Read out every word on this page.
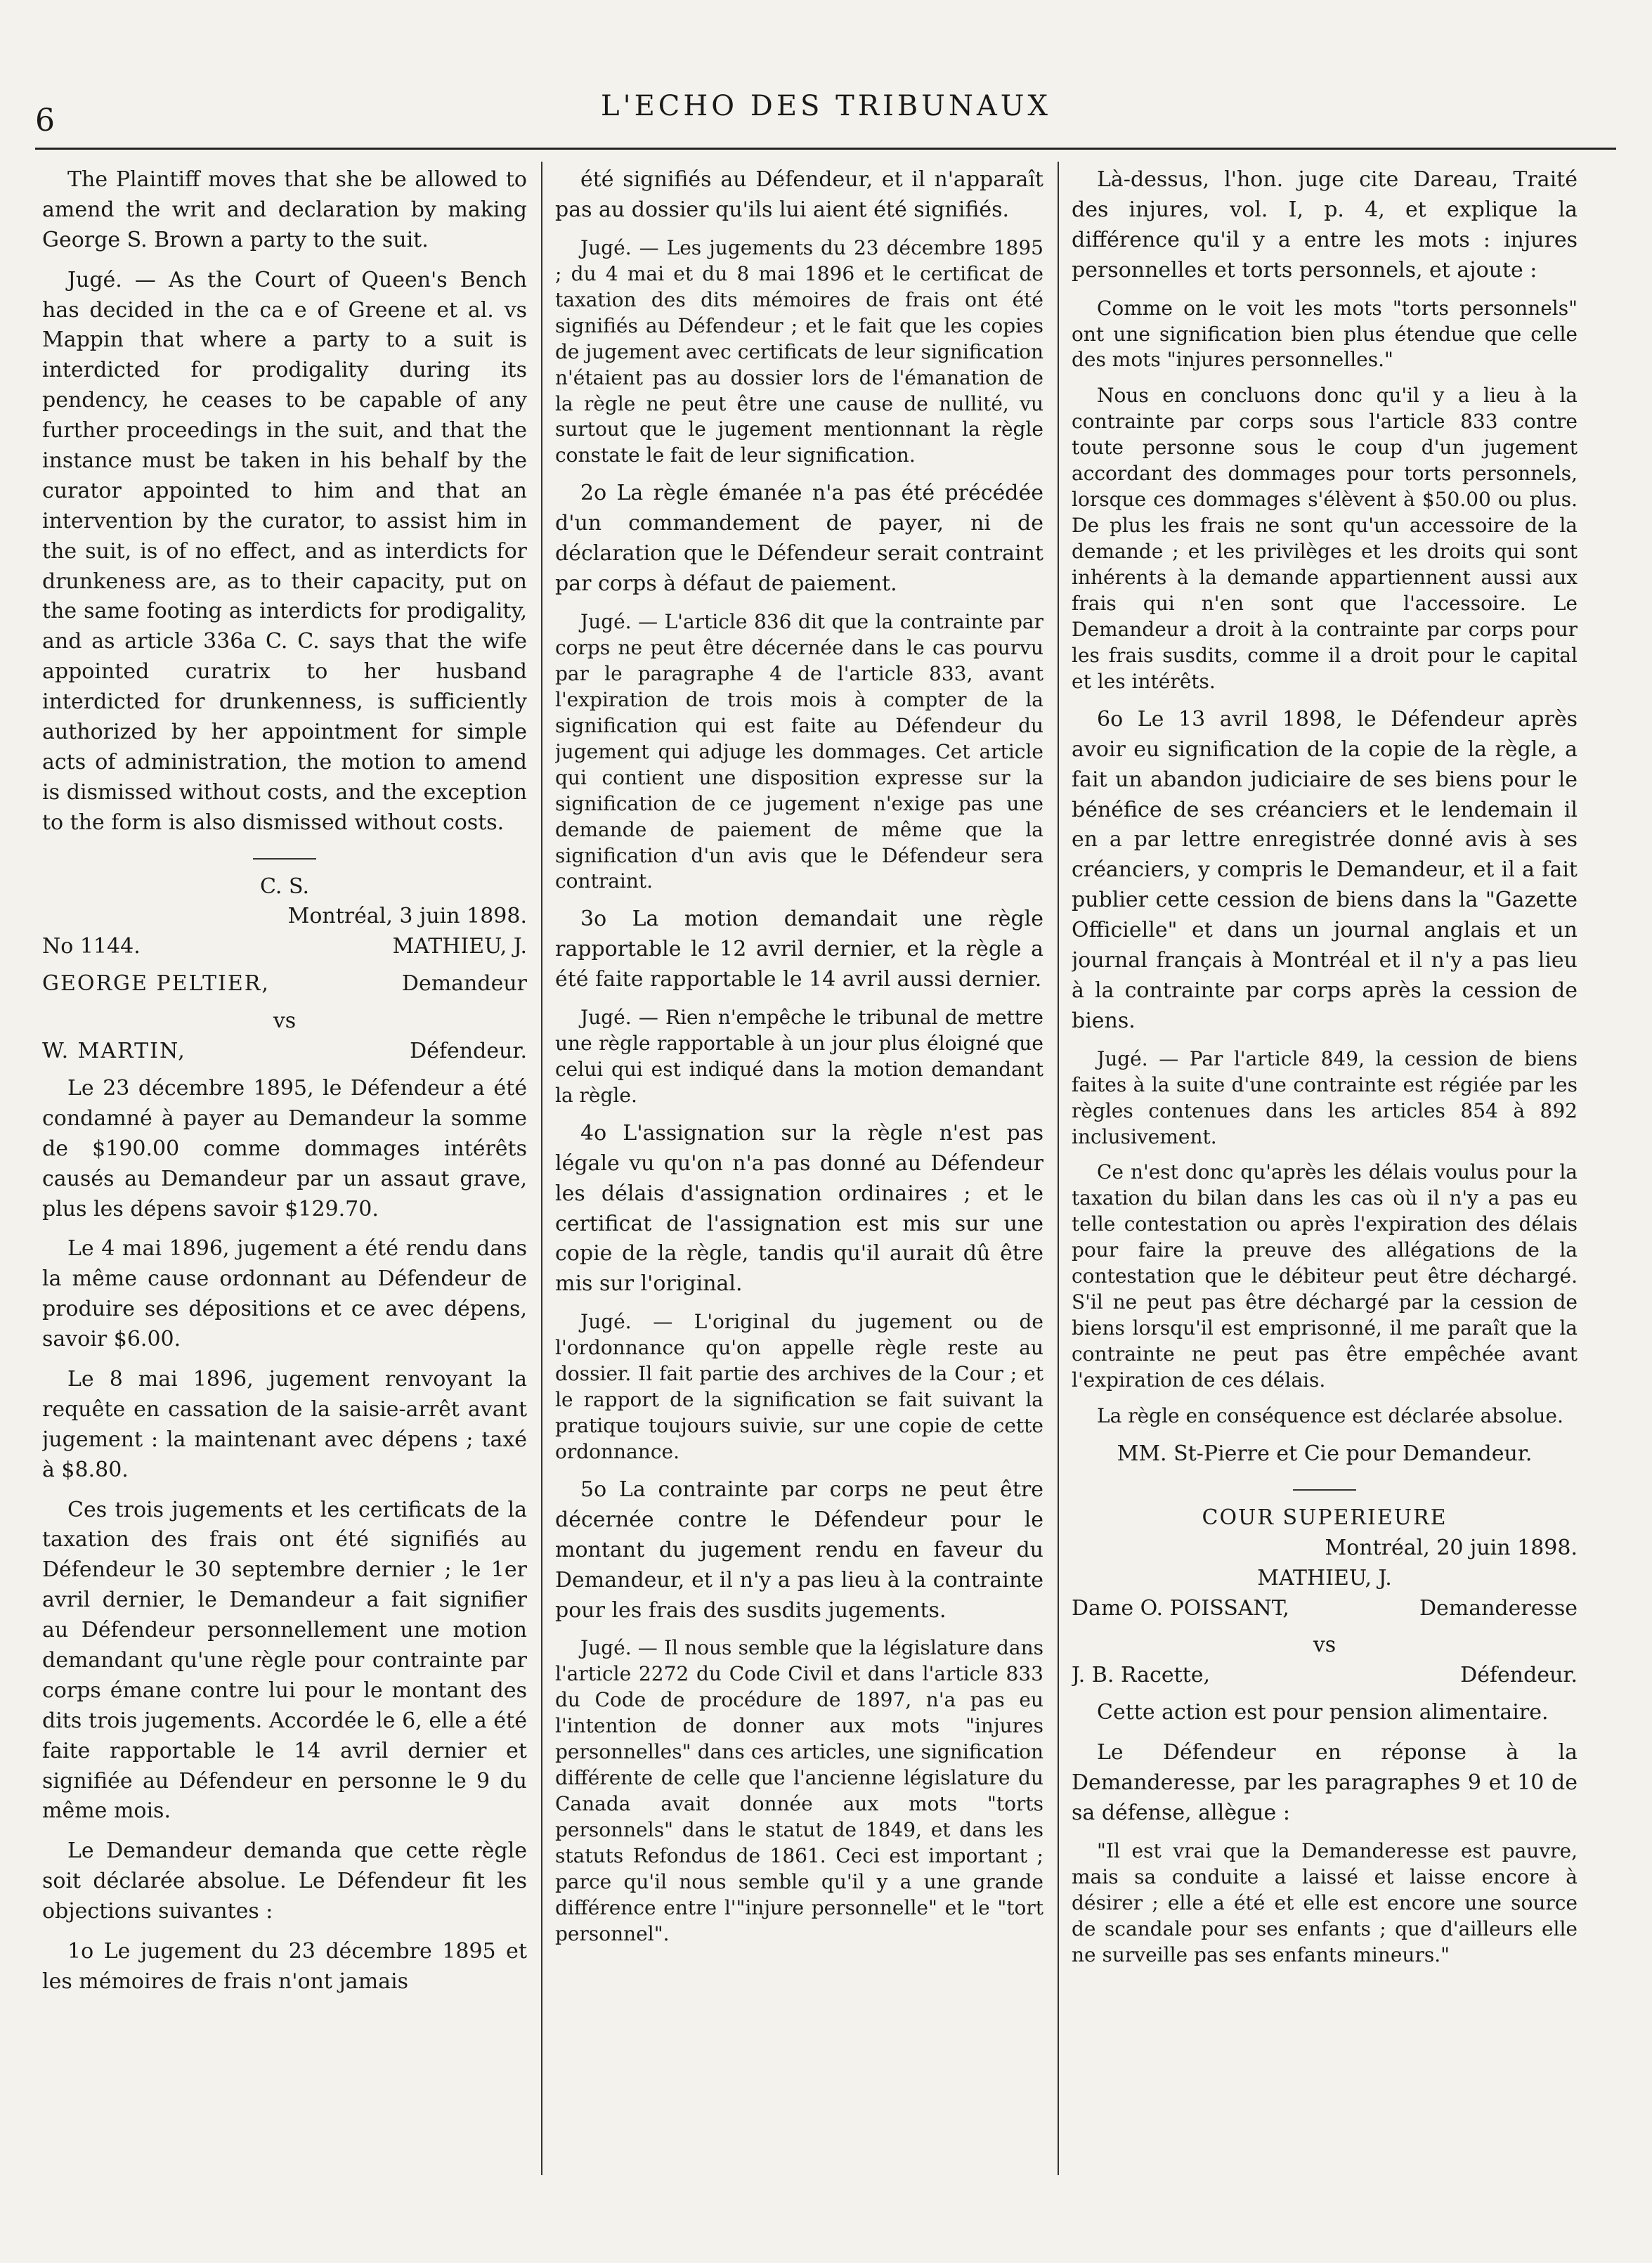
6	L'ECHO DES TRIBUNAUX

The Plaintiff moves that she be allowed to amend the writ and declaration by making George S. Brown a party to the suit.

Jugé. — As the Court of Queen's Bench has decided in the ca e of Greene et al. vs Mappin that where a party to a suit is interdicted for prodigality during its pendency, he ceases to be capable of any further proceedings in the suit, and that the instance must be taken in his behalf by the curator appointed to him and that an intervention by the curator, to assist him in the suit, is of no effect, and as interdicts for drunkeness are, as to their capacity, put on the same footing as interdicts for prodigality, and as article 336a C. C. says that the wife appointed curatrix to her husband interdicted for drunkenness, is sufficiently authorized by her appointment for simple acts of administration, the motion to amend is dismissed without costs, and the exception to the form is also dismissed without costs.

C. S.
Montréal, 3 juin 1898.
No 1144.	MATHIEU, J.
GEORGE PELTIER,	Demandeur
vs
W. MARTIN,	Défendeur.

Le 23 décembre 1895, le Défendeur a été condamné à payer au Demandeur la somme de $190.00 comme dommages intérêts causés au Demandeur par un assaut grave, plus les dépens savoir $129.70.

Le 4 mai 1896, jugement a été rendu dans la même cause ordonnant au Défendeur de produire ses dépositions et ce avec dépens, savoir $6.00.

Le 8 mai 1896, jugement renvoyant la requête en cassation de la saisie-arrêt avant jugement : la maintenant avec dépens ; taxé à $8.80.

Ces trois jugements et les certificats de la taxation des frais ont été signifiés au Défendeur le 30 septembre dernier ; le 1er avril dernier, le Demandeur a fait signifier au Défendeur personnellement une motion demandant qu'une règle pour contrainte par corps émane contre lui pour le montant des dits trois jugements. Accordée le 6, elle a été faite rapportable le 14 avril dernier et signifiée au Défendeur en personne le 9 du même mois.

Le Demandeur demanda que cette règle soit déclarée absolue. Le Défendeur fit les objections suivantes :

1o Le jugement du 23 décembre 1895 et les mémoires de frais n'ont jamais

été signifiés au Défendeur, et il n'apparaît pas au dossier qu'ils lui aient été signifiés.

Jugé. — Les jugements du 23 décembre 1895 ; du 4 mai et du 8 mai 1896 et le certificat de taxation des dits mémoires de frais ont été signifiés au Défendeur ; et le fait que les copies de jugement avec certificats de leur signification n'étaient pas au dossier lors de l'émanation de la règle ne peut être une cause de nullité, vu surtout que le jugement mentionnant la règle constate le fait de leur signification.

2o La règle émanée n'a pas été précédée d'un commandement de payer, ni de déclaration que le Défendeur serait contraint par corps à défaut de paiement.

Jugé. — L'article 836 dit que la contrainte par corps ne peut être décernée dans le cas pourvu par le paragraphe 4 de l'article 833, avant l'expiration de trois mois à compter de la signification qui est faite au Défendeur du jugement qui adjuge les dommages. Cet article qui contient une disposition expresse sur la signification de ce jugement n'exige pas une demande de paiement de même que la signification d'un avis que le Défendeur sera contraint.

3o La motion demandait une règle rapportable le 12 avril dernier, et la règle a été faite rapportable le 14 avril aussi dernier.

Jugé. — Rien n'empêche le tribunal de mettre une règle rapportable à un jour plus éloigné que celui qui est indiqué dans la motion demandant la règle.

4o L'assignation sur la règle n'est pas légale vu qu'on n'a pas donné au Défendeur les délais d'assignation ordinaires ; et le certificat de l'assignation est mis sur une copie de la règle, tandis qu'il aurait dû être mis sur l'original.

Jugé. — L'original du jugement ou de l'ordonnance qu'on appelle règle reste au dossier. Il fait partie des archives de la Cour ; et le rapport de la signification se fait suivant la pratique toujours suivie, sur une copie de cette ordonnance.

5o La contrainte par corps ne peut être décernée contre le Défendeur pour le montant du jugement rendu en faveur du Demandeur, et il n'y a pas lieu à la contrainte pour les frais des susdits jugements.

Jugé. — Il nous semble que la législature dans l'article 2272 du Code Civil et dans l'article 833 du Code de procédure de 1897, n'a pas eu l'intention de donner aux mots "injures personnelles" dans ces articles, une signification différente de celle que l'ancienne législature du Canada avait donnée aux mots "torts personnels" dans le statut de 1849, et dans les statuts Refondus de 1861. Ceci est important ; parce qu'il nous semble qu'il y a une grande différence entre l'"injure personnelle" et le "tort personnel".

Là-dessus, l'hon. juge cite Dareau, Traité des injures, vol. I, p. 4, et explique la différence qu'il y a entre les mots : injures personnelles et torts personnels, et ajoute :

Comme on le voit les mots "torts personnels" ont une signification bien plus étendue que celle des mots "injures personnelles."

Nous en concluons donc qu'il y a lieu à la contrainte par corps sous l'article 833 contre toute personne sous le coup d'un jugement accordant des dommages pour torts personnels, lorsque ces dommages s'élèvent à $50.00 ou plus. De plus les frais ne sont qu'un accessoire de la demande ; et les privilèges et les droits qui sont inhérents à la demande appartiennent aussi aux frais qui n'en sont que l'accessoire. Le Demandeur a droit à la contrainte par corps pour les frais susdits, comme il a droit pour le capital et les intérêts.

6o Le 13 avril 1898, le Défendeur après avoir eu signification de la copie de la règle, a fait un abandon judiciaire de ses biens pour le bénéfice de ses créanciers et le lendemain il en a par lettre enregistrée donné avis à ses créanciers, y compris le Demandeur, et il a fait publier cette cession de biens dans la "Gazette Officielle" et dans un journal anglais et un journal français à Montréal et il n'y a pas lieu à la contrainte par corps après la cession de biens.

Jugé. — Par l'article 849, la cession de biens faites à la suite d'une contrainte est régiée par les règles contenues dans les articles 854 à 892 inclusivement.

Ce n'est donc qu'après les délais voulus pour la taxation du bilan dans les cas où il n'y a pas eu telle contestation ou après l'expiration des délais pour faire la preuve des allégations de la contestation que le débiteur peut être déchargé. S'il ne peut pas être déchargé par la cession de biens lorsqu'il est emprisonné, il me paraît que la contrainte ne peut pas être empêchée avant l'expiration de ces délais.

La règle en conséquence est déclarée absolue.

MM. St-Pierre et Cie pour Demandeur.
COUR SUPERIEURE
Montréal, 20 juin 1898.
MATHIEU, J.
Dame O. POISSANT,	Demanderesse
vs
J. B. Racette,	Défendeur.

Cette action est pour pension alimentaire.

Le Défendeur en réponse à la Demanderesse, par les paragraphes 9 et 10 de sa défense, allègue :

"Il est vrai que la Demanderesse est pauvre, mais sa conduite a laissé et laisse encore à désirer ; elle a été et elle est encore une source de scandale pour ses enfants ; que d'ailleurs elle ne surveille pas ses enfants mineurs."
